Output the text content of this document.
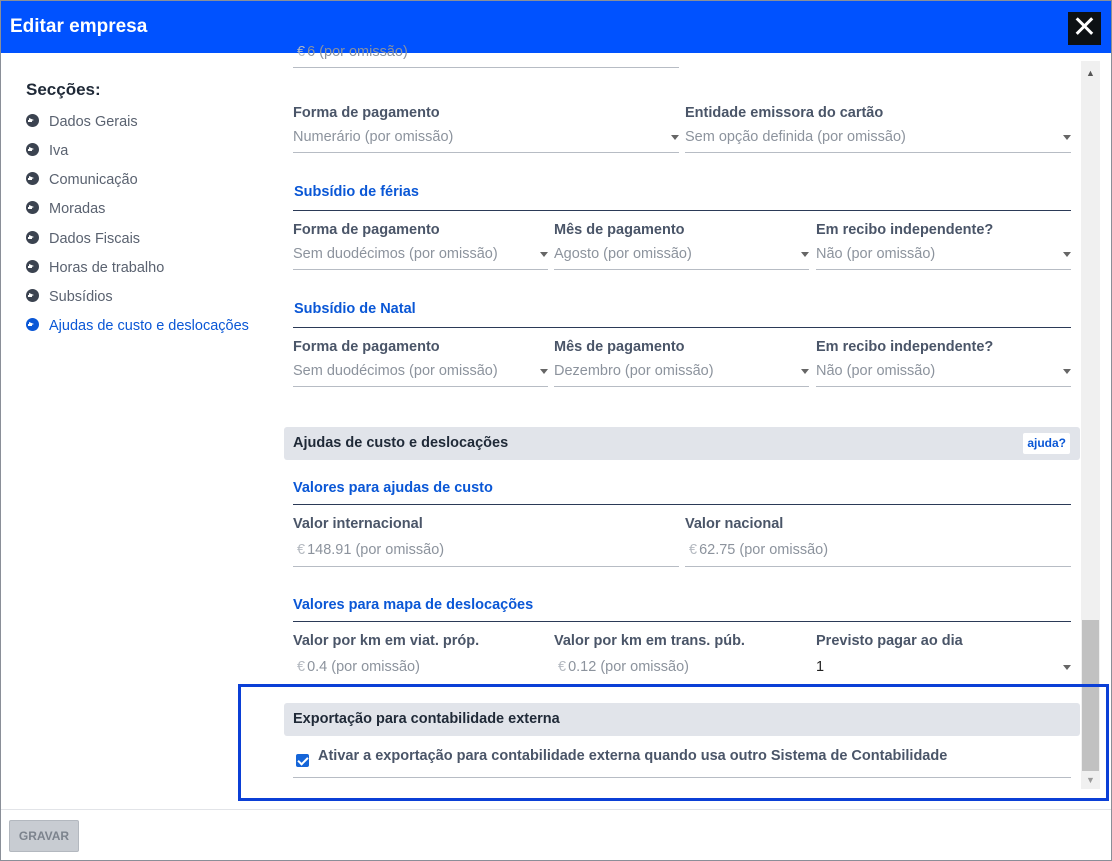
Editar empresa	✕
Secções:
Dados Gerais
Iva
Comunicação
Moradas
Dados Fiscais
Horas de trabalho
Subsídios
Ajudas de custo e deslocações
€ 6 (por omissão)
Forma de pagamento
Numerário (por omissão)
Entidade emissora do cartão
Sem opção definida (por omissão)
Subsídio de férias
Forma de pagamento
Sem duodécimos (por omissão)
Mês de pagamento
Agosto (por omissão)
Em recibo independente?
Não (por omissão)
Subsídio de Natal
Forma de pagamento
Sem duodécimos (por omissão)
Mês de pagamento
Dezembro (por omissão)
Em recibo independente?
Não (por omissão)
Ajudas de custo e deslocações	ajuda?
Valores para ajudas de custo
Valor internacional
€ 148.91 (por omissão)
Valor nacional
€ 62.75 (por omissão)
Valores para mapa de deslocações
Valor por km em viat. próp.
€ 0.4 (por omissão)
Valor por km em trans. púb.
€ 0.12 (por omissão)
Previsto pagar ao dia
1
Exportação para contabilidade externa
Ativar a exportação para contabilidade externa quando usa outro Sistema de Contabilidade
▲
▼
GRAVAR
